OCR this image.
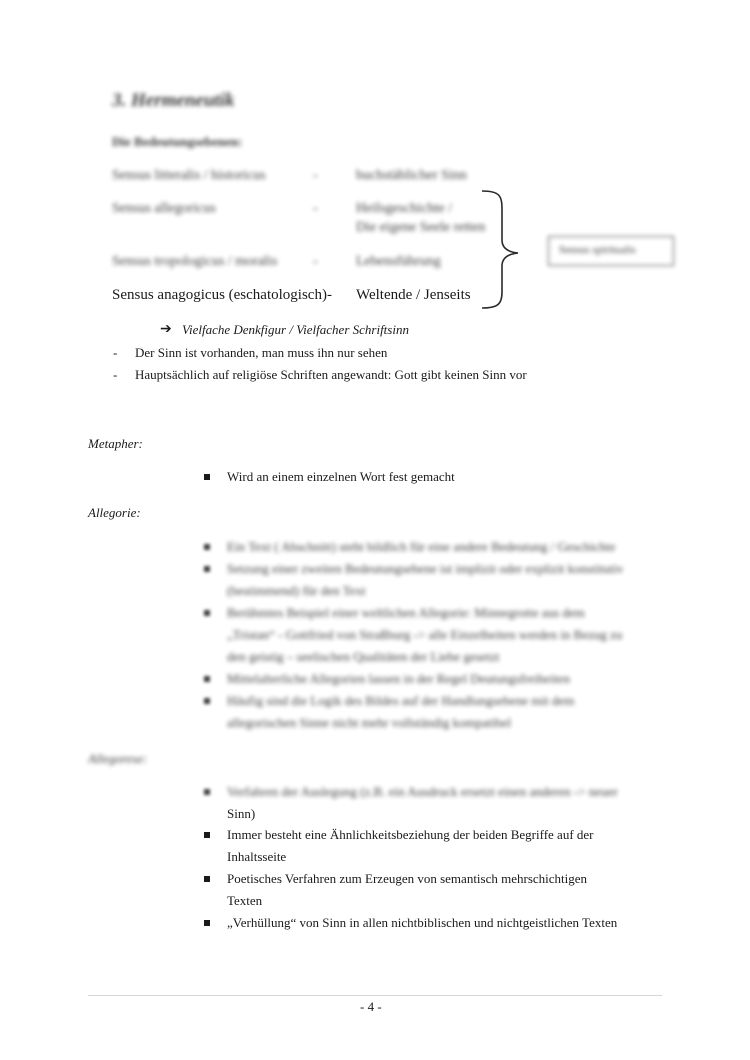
3. Hermeneutik
Die Bedeutungsebenen:
Sensus litteralis / historicus	-	buchstäblicher Sinn
Sensus allegoricus	-	Heilsgeschichte /
Die eigene Seele retten
Sensus tropologicus / moralis	-	Lebensführung
Sensus anagogicus (eschatologisch)- Weltende / Jenseits
Sensus spiritualis
➔ Vielfache Denkfigur / Vielfacher Schriftsinn
- Der Sinn ist vorhanden, man muss ihn nur sehen
- Hauptsächlich auf religiöse Schriften angewandt: Gott gibt keinen Sinn vor
Metapher:
Wird an einem einzelnen Wort fest gemacht
Allegorie:
Ein Text ( Abschnitt) steht bildlich für eine andere Bedeutung / Geschichte
Setzung einer zweiten Bedeutungsebene ist implizit oder explizit konstitutiv
(bestimmend) für den Text
Berühmtes Beispiel einer weltlichen Allegorie: Minnegrotte aus dem
„Tristan“ - Gottfried von Straßburg -> alle Einzelheiten werden in Bezug zu
den geistig – seelischen Qualitäten der Liebe gesetzt
Mittelalterliche Allegorien lassen in der Regel Deutungsfreiheiten
Häufig sind die Logik des Bildes auf der Handlungsebene mit dem
allegorischen Sinne nicht mehr vollständig kompatibel
Allegorese:
Verfahren der Auslegung (z.B. ein Ausdruck ersetzt einen anderen -> neuer
Sinn)
Immer besteht eine Ähnlichkeitsbeziehung der beiden Begriffe auf der
Inhaltsseite
Poetisches Verfahren zum Erzeugen von semantisch mehrschichtigen
Texten
„Verhüllung“ von Sinn in allen nichtbiblischen und nichtgeistlichen Texten
- 4 -
